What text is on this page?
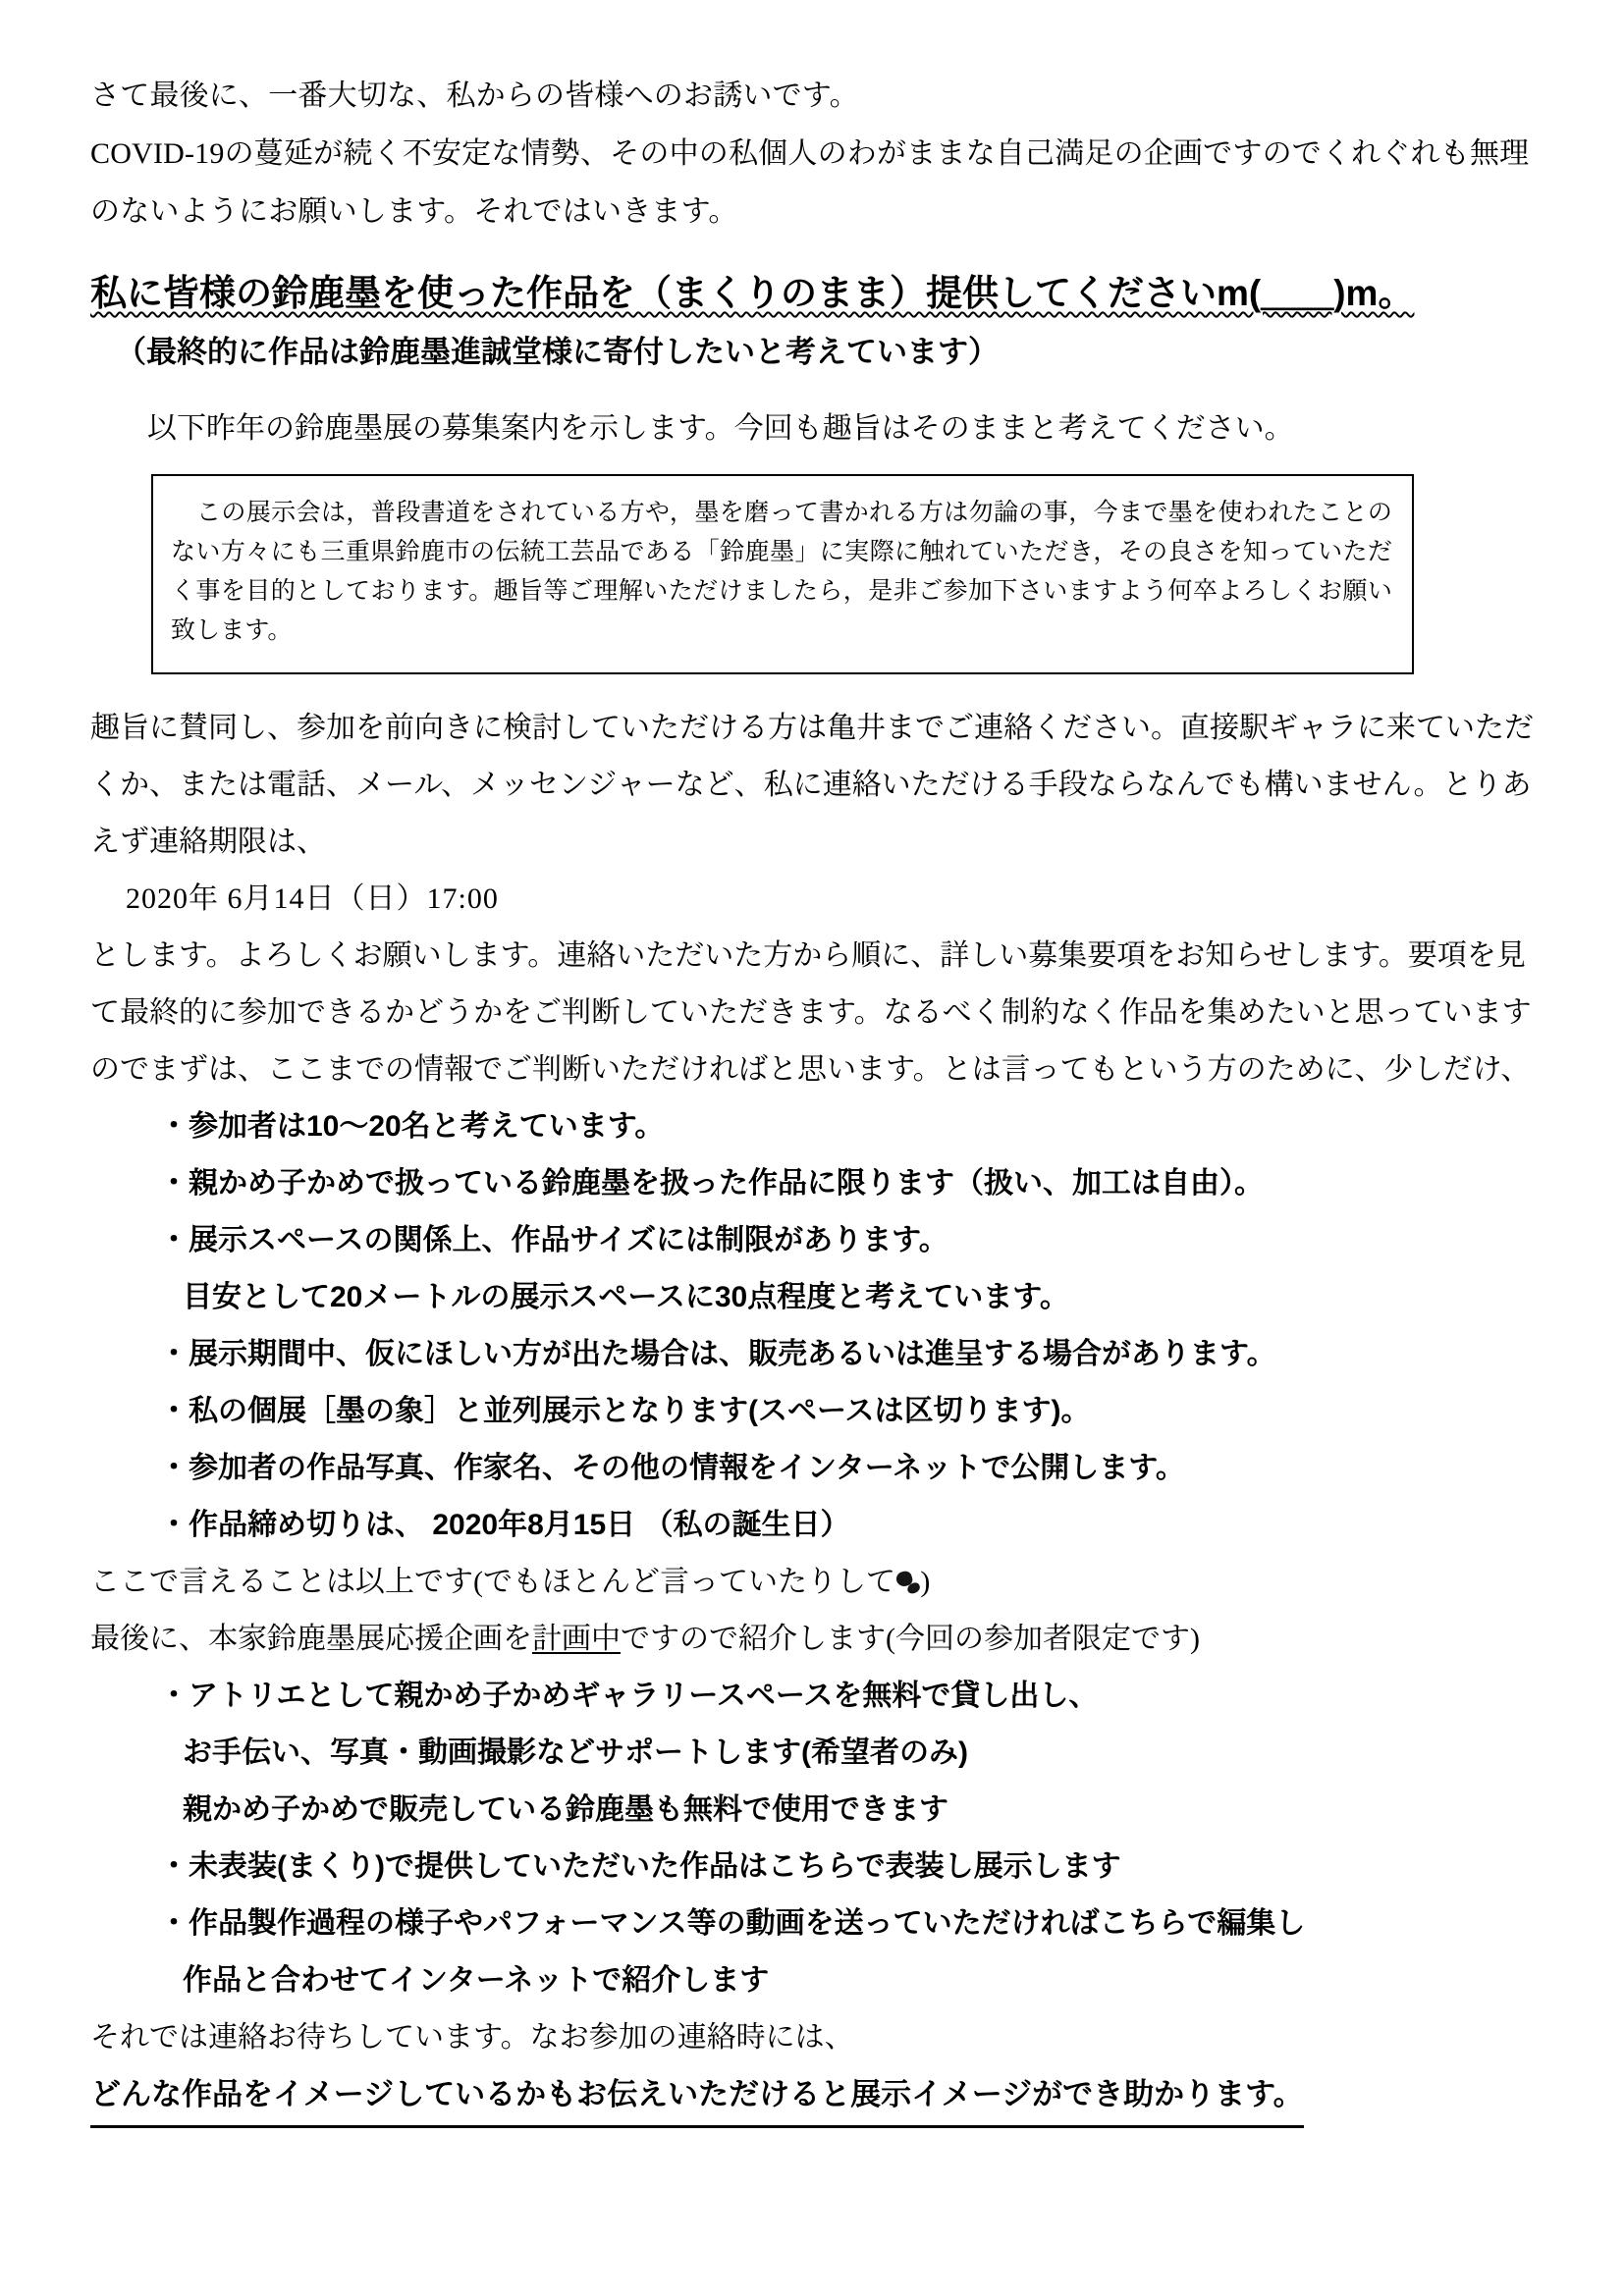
さて最後に、一番大切な、私からの皆様へのお誘いです。

COVID-19の蔓延が続く不安定な情勢、その中の私個人のわがままな自己満足の企画ですのでくれぐれも無理のないようにお願いします。それではいきます。

私に皆様の鈴鹿墨を使った作品を（まくりのまま）提供してくださいm(＿＿)m。
（最終的に作品は鈴鹿墨進誠堂様に寄付したいと考えています）

以下昨年の鈴鹿墨展の募集案内を示します。今回も趣旨はそのままと考えてください。

この展示会は，普段書道をされている方や，墨を磨って書かれる方は勿論の事，今まで墨を使われたことのない方々にも三重県鈴鹿市の伝統工芸品である「鈴鹿墨」に実際に触れていただき，その良さを知っていただく事を目的としております。趣旨等ご理解いただけましたら，是非ご参加下さいますよう何卒よろしくお願い致します。

趣旨に賛同し、参加を前向きに検討していただける方は亀井までご連絡ください。直接駅ギャラに来ていただくか、または電話、メール、メッセンジャーなど、私に連絡いただける手段ならなんでも構いません。とりあえず連絡期限は、

2020年 6月14日（日）17:00

とします。よろしくお願いします。連絡いただいた方から順に、詳しい募集要項をお知らせします。要項を見て最終的に参加できるかどうかをご判断していただきます。なるべく制約なく作品を集めたいと思っていますのでまずは、ここまでの情報でご判断いただければと思います。とは言ってもという方のために、少しだけ、

・参加者は10〜20名と考えています。
・親かめ子かめで扱っている鈴鹿墨を扱った作品に限ります（扱い、加工は自由）。
・展示スペースの関係上、作品サイズには制限があります。
目安として20メートルの展示スペースに30点程度と考えています。
・展示期間中、仮にほしい方が出た場合は、販売あるいは進呈する場合があります。
・私の個展［墨の象］と並列展示となります(スペースは区切ります)。
・参加者の作品写真、作家名、その他の情報をインターネットで公開します。
・作品締め切りは、 2020年8月15日 （私の誕生日）

ここで言えることは以上です(でもほとんど言っていたりして )

最後に、本家鈴鹿墨展応援企画を計画中ですので紹介します(今回の参加者限定です)

・アトリエとして親かめ子かめギャラリースペースを無料で貸し出し、
お手伝い、写真・動画撮影などサポートします(希望者のみ)
親かめ子かめで販売している鈴鹿墨も無料で使用できます
・未表装(まくり)で提供していただいた作品はこちらで表装し展示します
・作品製作過程の様子やパフォーマンス等の動画を送っていただければこちらで編集し
作品と合わせてインターネットで紹介します

それでは連絡お待ちしています。なお参加の連絡時には、

どんな作品をイメージしているかもお伝えいただけると展示イメージができ助かります。
